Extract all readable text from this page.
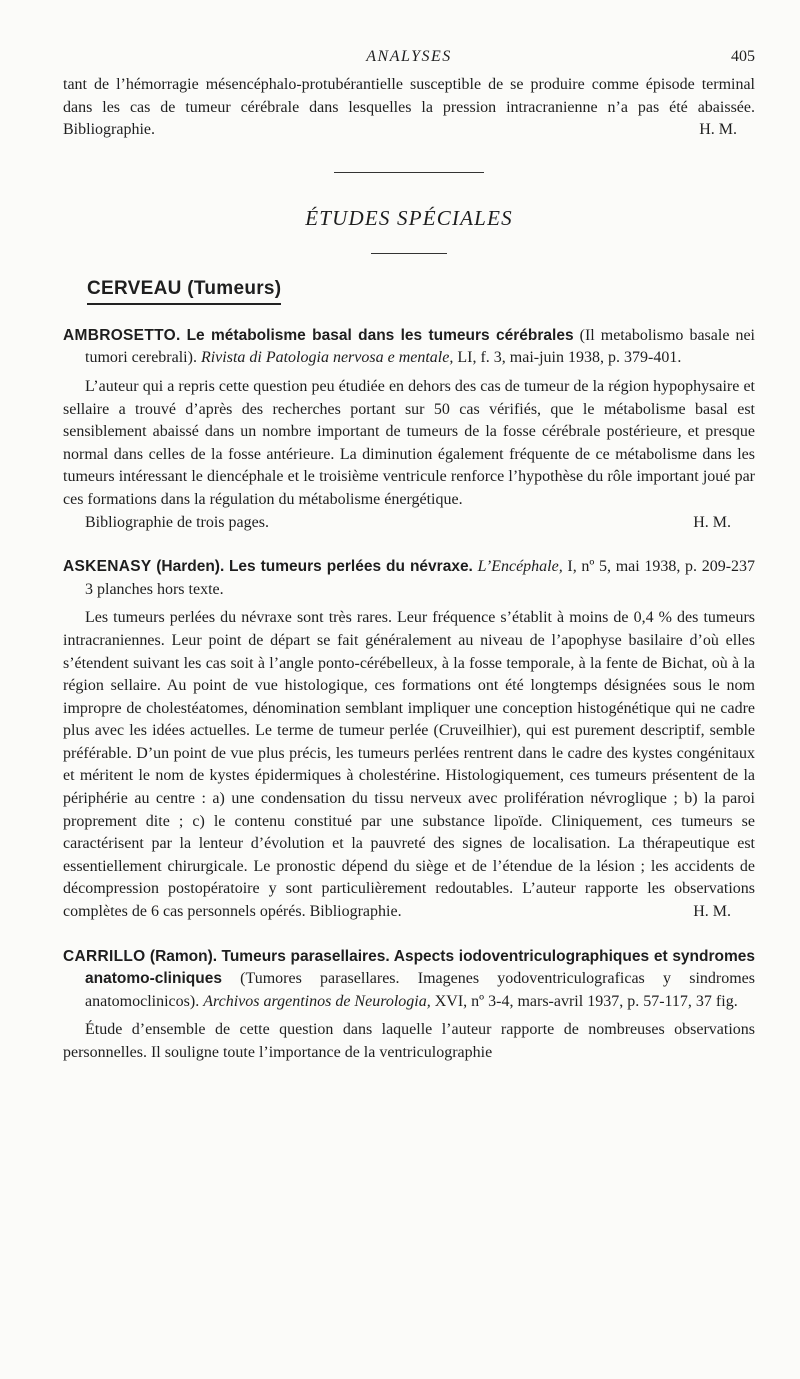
ANALYSES	405

tant de l’hémorragie mésencéphalo-protubérantielle susceptible de se produire comme épisode terminal dans les cas de tumeur cérébrale dans lesquelles la pression intracranienne n’a pas été abaissée. Bibliographie.	H. M.

ÉTUDES SPÉCIALES
CERVEAU (Tumeurs)

AMBROSETTO. Le métabolisme basal dans les tumeurs cérébrales (Il metabolismo basale nei tumori cerebrali). Rivista di Patologia nervosa e mentale, LI, f. 3, mai-juin 1938, p. 379-401.

L’auteur qui a repris cette question peu étudiée en dehors des cas de tumeur de la région hypophysaire et sellaire a trouvé d’après des recherches portant sur 50 cas vérifiés, que le métabolisme basal est sensiblement abaissé dans un nombre important de tumeurs de la fosse cérébrale postérieure, et presque normal dans celles de la fosse antérieure. La diminution également fréquente de ce métabolisme dans les tumeurs intéressant le diencéphale et le troisième ventricule renforce l’hypothèse du rôle important joué par ces formations dans la régulation du métabolisme énergétique.

Bibliographie de trois pages.	H. M.

ASKENASY (Harden). Les tumeurs perlées du névraxe. L’Encéphale, I, nº 5, mai 1938, p. 209-237 3 planches hors texte.

Les tumeurs perlées du névraxe sont très rares. Leur fréquence s’établit à moins de 0,4 % des tumeurs intracraniennes. Leur point de départ se fait généralement au niveau de l’apophyse basilaire d’où elles s’étendent suivant les cas soit à l’angle ponto-cérébelleux, à la fosse temporale, à la fente de Bichat, où à la région sellaire. Au point de vue histologique, ces formations ont été longtemps désignées sous le nom impropre de cholestéatomes, dénomination semblant impliquer une conception histogénétique qui ne cadre plus avec les idées actuelles. Le terme de tumeur perlée (Cruveilhier), qui est purement descriptif, semble préférable. D’un point de vue plus précis, les tumeurs perlées rentrent dans le cadre des kystes congénitaux et méritent le nom de kystes épidermiques à cholestérine. Histologiquement, ces tumeurs présentent de la périphérie au centre : a) une condensation du tissu nerveux avec prolifération névroglique ; b) la paroi proprement dite ; c) le contenu constitué par une substance lipoïde. Cliniquement, ces tumeurs se caractérisent par la lenteur d’évolution et la pauvreté des signes de localisation. La thérapeutique est essentiellement chirurgicale. Le pronostic dépend du siège et de l’étendue de la lésion ; les accidents de décompression postopératoire y sont particulièrement redoutables. L’auteur rapporte les observations complètes de 6 cas personnels opérés. Bibliographie.	H. M.

CARRILLO (Ramon). Tumeurs parasellaires. Aspects iodoventriculographiques et syndromes anatomo-cliniques (Tumores parasellares. Imagenes yodoventriculograficas y sindromes anatomoclinicos). Archivos argentinos de Neurologia, XVI, nº 3-4, mars-avril 1937, p. 57-117, 37 fig.

Étude d’ensemble de cette question dans laquelle l’auteur rapporte de nombreuses observations personnelles. Il souligne toute l’importance de la ventriculographie
